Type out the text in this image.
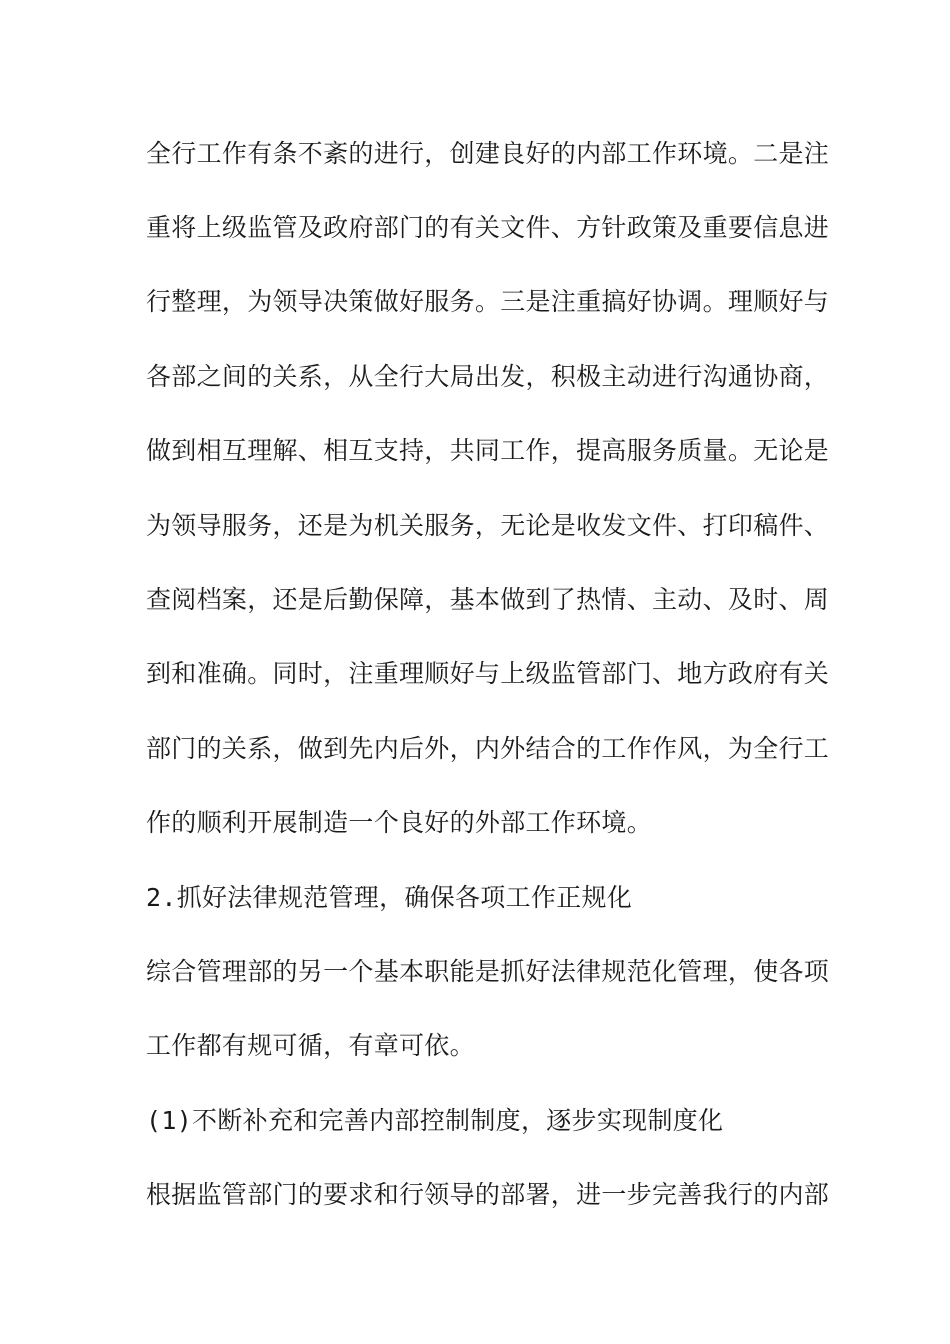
全行工作有条不紊的进行，创建良好的内部工作环境。二是注
重将上级监管及政府部门的有关文件、方针政策及重要信息进
行整理，为领导决策做好服务。三是注重搞好协调。理顺好与
各部之间的关系，从全行大局出发，积极主动进行沟通协商，
做到相互理解、相互支持，共同工作，提高服务质量。无论是
为领导服务，还是为机关服务，无论是收发文件、打印稿件、
查阅档案，还是后勤保障，基本做到了热情、主动、及时、周
到和准确。同时，注重理顺好与上级监管部门、地方政府有关
部门的关系，做到先内后外，内外结合的工作作风，为全行工
作的顺利开展制造一个良好的外部工作环境。
2.抓好法律规范管理，确保各项工作正规化
综合管理部的另一个基本职能是抓好法律规范化管理，使各项
工作都有规可循，有章可依。
(1)不断补充和完善内部控制制度，逐步实现制度化
根据监管部门的要求和行领导的部署，进一步完善我行的内部
